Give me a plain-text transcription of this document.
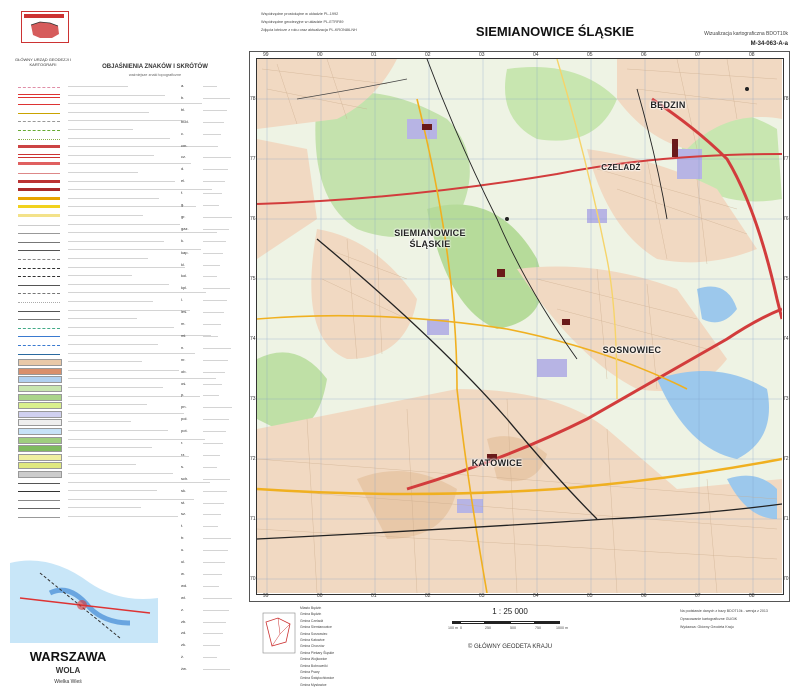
GŁÓWNY URZĄD GEODEZJI I KARTOGRAFII	OBJAŚNIENIA ZNAKÓW I SKRÓTÓW
ważniejsze znaki topograficzne
a.
b.
bl.
bud.
c.
cm.
cz.
d.
el.
f.
g.
gr.
gaz.
k.
kap.
kl.
kol.
kpl.
l.
leś.
m.
mł.
n.
nr.
ob.
oś.
p.
pn.
poł.
pot.
r.
rz.
s.
sch.
sk.
st.
sz.
t.
tr.
u.
ul.
w.
wd.
wł.
z.
zb.
zd.
zk.
ż.
żw.
WARSZAWA
WOLA
Wielka Wieś
Współrzędne prostokątne w układzie PL-1992
Współrzędne geodezyjne w układzie PL-ETRF89
Zdjęcia lotnicze z roku oraz aktualizacja PL-KRON86-NH	SIEMIANOWICE ŚLĄSKIE	Wizualizacja kartograficzna BDOT10k
M-34-063-A-a
BĘDZIN
CZELADŹ
SIEMIANOWICE
ŚLĄSKIE
SOSNOWIEC
KATOWICE
99
99
00
00
01
01
02
02
03
03
04
04
05
05
06
06
07
07
08
08
70	70
71	71
72	72
73	73
74	74
75	75
76	76
77	77
78	78
Miasto Będzin
Gmina Będzin
Gmina Czeladź
Gmina Siemianowice
Gmina Sosnowiec
Gmina Katowice
Gmina Chorzów
Gmina Piekary Śląskie
Gmina Wojkowice
Gmina Bobrowniki
Gmina Psary
Gmina Świętochłowice
Gmina Mysłowice
1 : 25 000
100 m 0	250	500	750	1000 m
© GŁÓWNY GEODETA KRAJU
Na podstawie danych z bazy BDOT10k - wersja z 2013
Opracowanie kartograficzne GUGiK
Wydawca: Główny Geodeta Kraju
